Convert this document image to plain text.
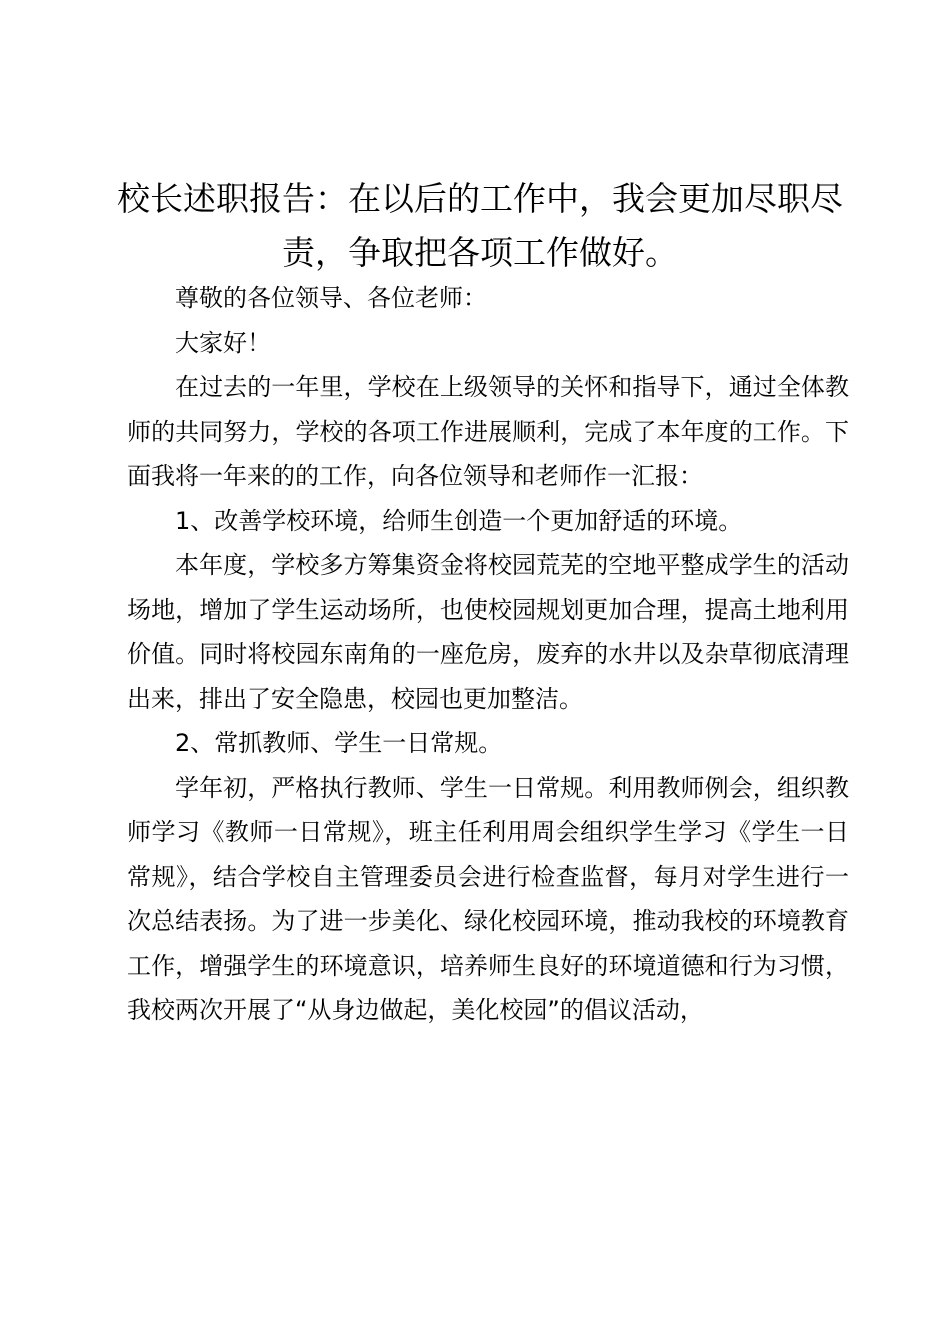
校长述职报告：在以后的工作中，我会更加尽职尽责，争取把各项工作做好。

尊敬的各位领导、各位老师：

大家好！

在过去的一年里，学校在上级领导的关怀和指导下，通过全体教师的共同努力，学校的各项工作进展顺利，完成了本年度的工作。下面我将一年来的的工作，向各位领导和老师作一汇报：

1、改善学校环境，给师生创造一个更加舒适的环境。

本年度，学校多方筹集资金将校园荒芜的空地平整成学生的活动场地，增加了学生运动场所，也使校园规划更加合理，提高土地利用价值。同时将校园东南角的一座危房，废弃的水井以及杂草彻底清理出来，排出了安全隐患，校园也更加整洁。

2、常抓教师、学生一日常规。

学年初，严格执行教师、学生一日常规。利用教师例会，组织教师学习《教师一日常规》，班主任利用周会组织学生学习《学生一日常规》，结合学校自主管理委员会进行检查监督，每月对学生进行一次总结表扬。为了进一步美化、绿化校园环境，推动我校的环境教育工作，增强学生的环境意识，培养师生良好的环境道德和行为习惯，我校两次开展了“从身边做起，美化校园”的倡议活动，
